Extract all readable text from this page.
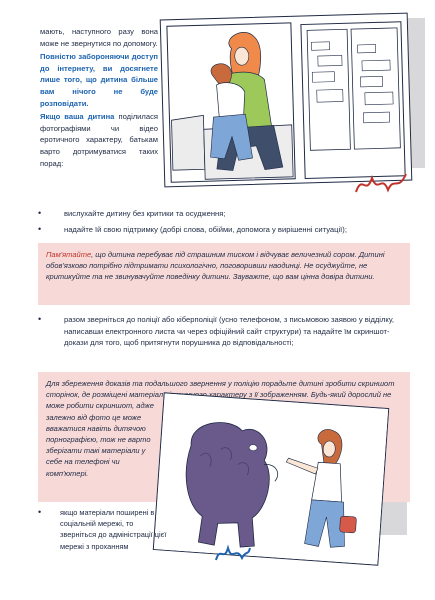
мають, наступного разу вона може не звернутися по допомогу.

Повністю забороняючи доступ до інтернету, ви досягнете лише того, що дитина більше вам нічого не буде розповідати.

Якщо ваша дитина поділилася фотографіями чи відео еротичного характеру, батькам варто дотримуватися таких порад:

• вислухайте дитину без критики та осудження;
• надайте їй свою підтримку (добрі слова, обійми, допомога у вирішенні ситуації);
Пам'ятайте, що дитина перебуває під страшним тиском і відчуває величезний сором. Дитині обов'язково потрібно підтримати психологічно, поговоривши наодинці. Не осуджуйте, не критикуйте та не звинувачуйте поведінку дитини. Зауважте, що вам цінна довіра дитини.
• разом зверніться до поліції або кіберполіції (усно телефоном, з письмовою заявою у відділку, написавши електронного листа чи через офіційний сайт структури) та надайте їм скриншот-докази для того, щоб притягнути порушника до відповідальності;
Для збереження доказів та подальшого звернення у поліцію порадьте дитині зробити скриншот сторінок, де розміщені матеріали інтимного характеру з її зображенням. Будь-який дорослий не може робити скриншот, адже
залежно від фото це може вважатися навіть дитячою порнографією, тож не варто зберігати такі матеріали у себе на телефоні чи комп'ютері.
•	якщо матеріали поширені в соціальній мережі, то зверніться до адміністрації цієї мережі з проханням
